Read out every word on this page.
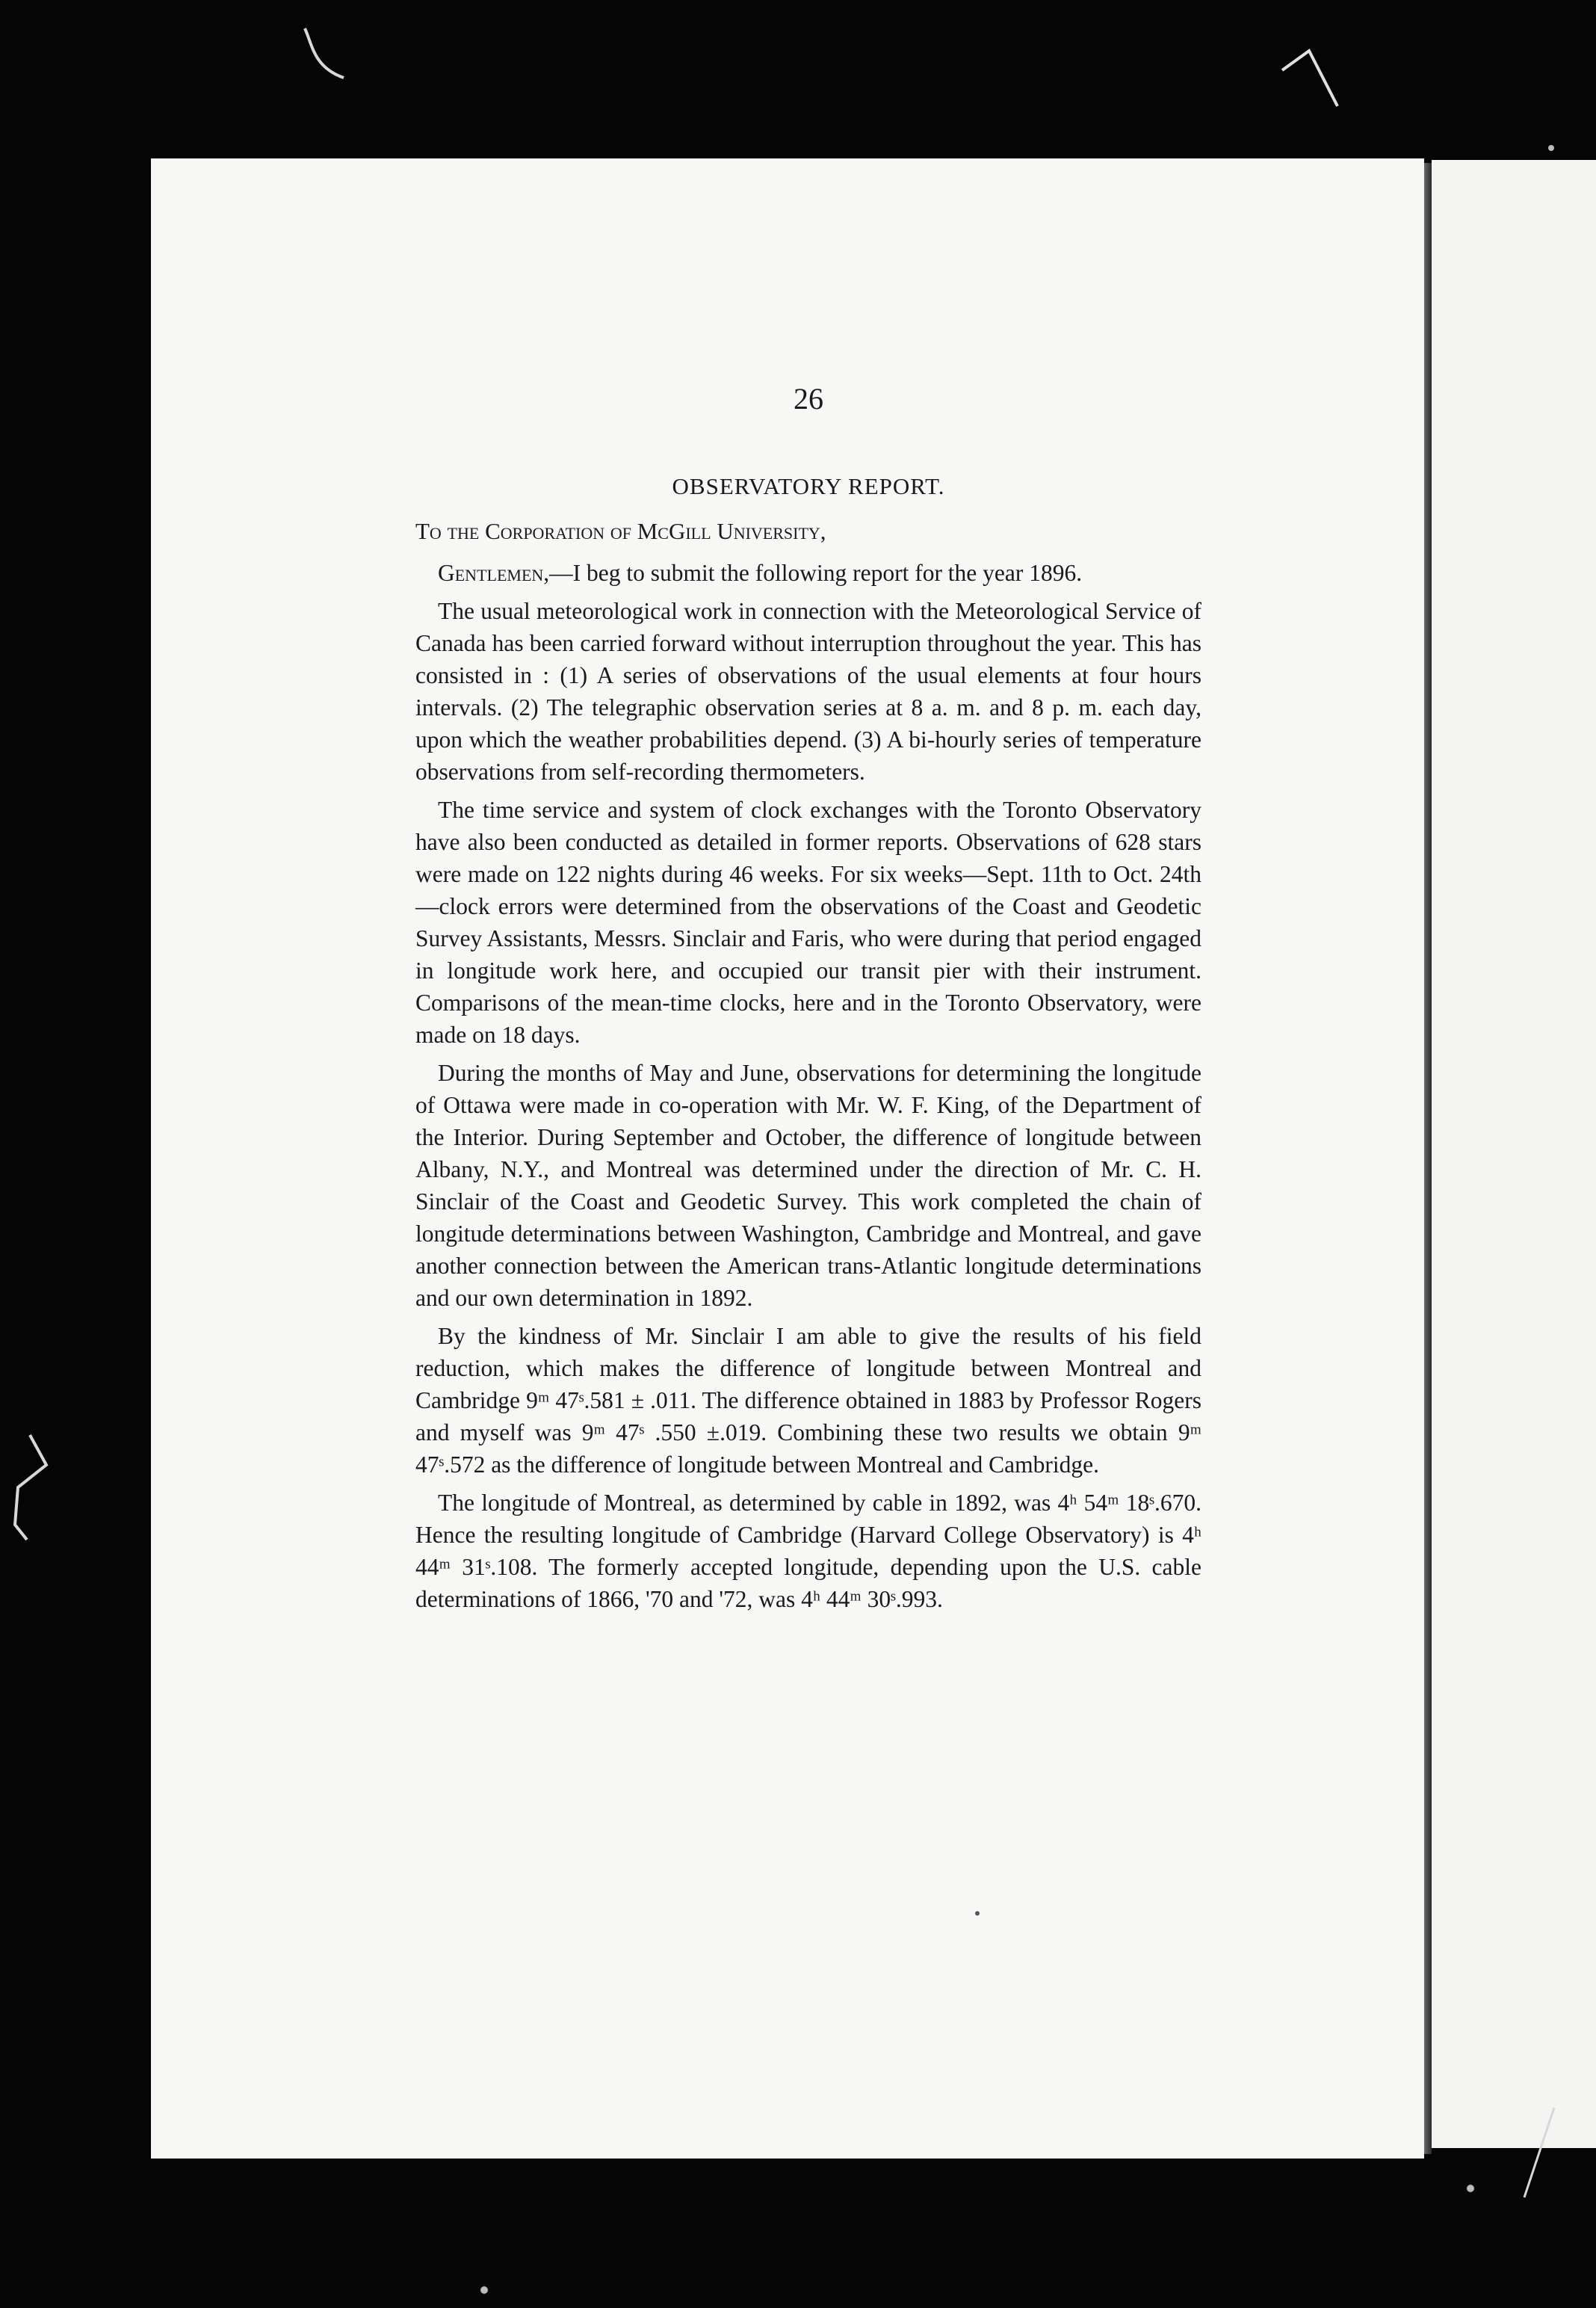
26
OBSERVATORY REPORT.
To the Corporation of McGill University,

Gentlemen,—I beg to submit the following report for the year 1896.

The usual meteorological work in connection with the Meteorological Service of Canada has been carried forward without interruption throughout the year. This has consisted in : (1) A series of observations of the usual elements at four hours intervals. (2) The telegraphic observation series at 8 a. m. and 8 p. m. each day, upon which the weather probabilities depend. (3) A bi-hourly series of temperature observations from self-recording thermometers.

The time service and system of clock exchanges with the Toronto Observatory have also been conducted as detailed in former reports. Observations of 628 stars were made on 122 nights during 46 weeks. For six weeks—Sept. 11th to Oct. 24th—clock errors were determined from the observations of the Coast and Geodetic Survey Assistants, Messrs. Sinclair and Faris, who were during that period engaged in longitude work here, and occupied our transit pier with their instrument. Comparisons of the mean-time clocks, here and in the Toronto Observatory, were made on 18 days.

During the months of May and June, observations for determining the longitude of Ottawa were made in co-operation with Mr. W. F. King, of the Department of the Interior. During September and October, the difference of longitude between Albany, N.Y., and Montreal was determined under the direction of Mr. C. H. Sinclair of the Coast and Geodetic Survey. This work completed the chain of longitude determinations between Washington, Cambridge and Montreal, and gave another connection between the American trans-Atlantic longitude determinations and our own determination in 1892.

By the kindness of Mr. Sinclair I am able to give the results of his field reduction, which makes the difference of longitude between Montreal and Cambridge 9ᵐ 47ˢ.581 ± .011. The difference obtained in 1883 by Professor Rogers and myself was 9ᵐ 47ˢ .550 ±.019. Combining these two results we obtain 9ᵐ 47ˢ.572 as the difference of longitude between Montreal and Cambridge.

The longitude of Montreal, as determined by cable in 1892, was 4ʰ 54ᵐ 18ˢ.670. Hence the resulting longitude of Cambridge (Harvard College Observatory) is 4ʰ 44ᵐ 31ˢ.108. The formerly accepted longitude, depending upon the U.S. cable determinations of 1866, '70 and '72, was 4ʰ 44ᵐ 30ˢ.993.
